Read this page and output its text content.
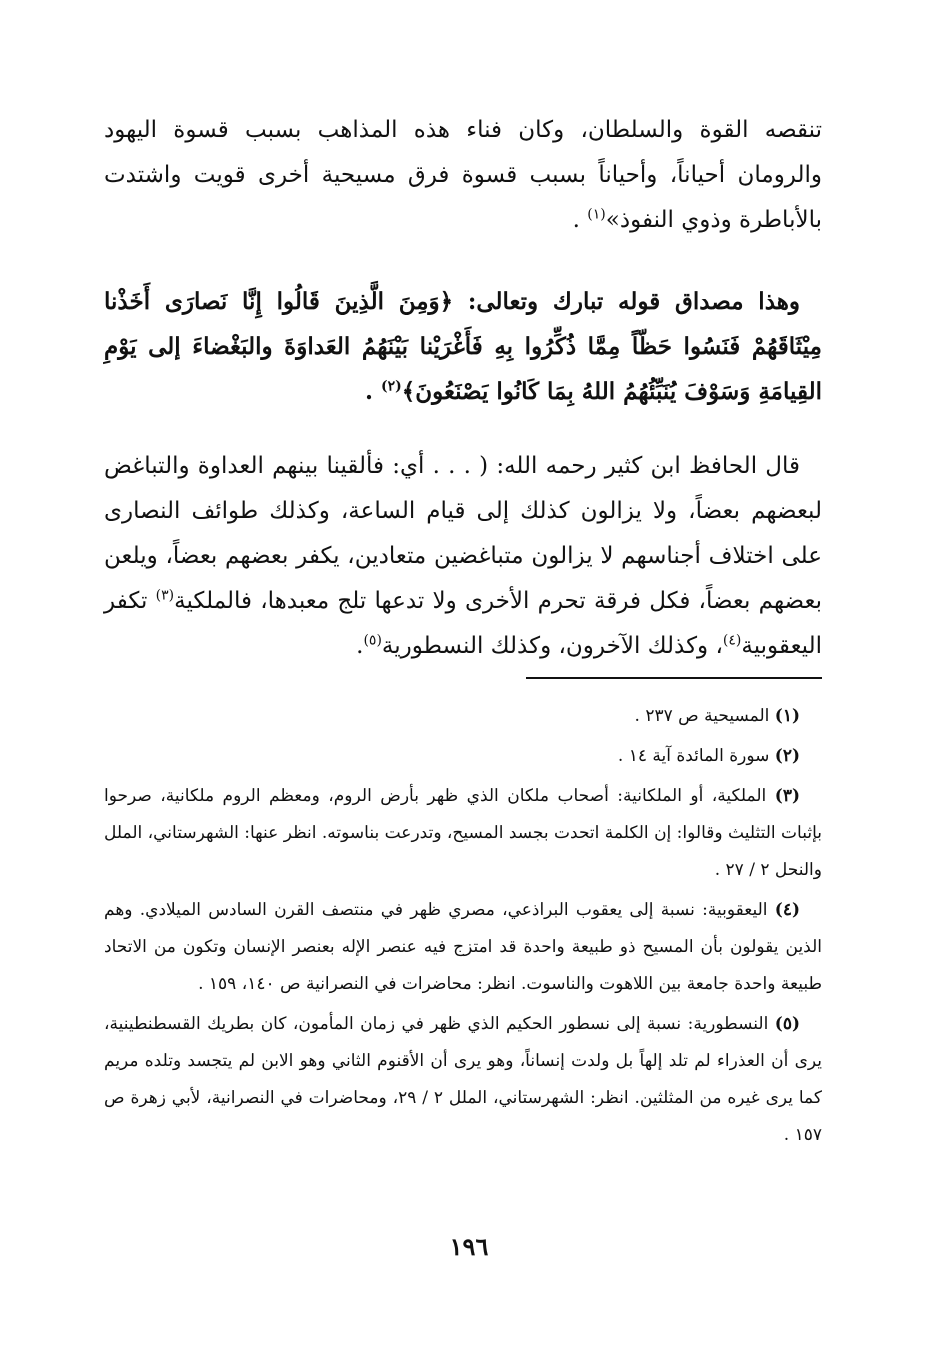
تنقصه القوة والسلطان، وكان فناء هذه المذاهب بسبب قسوة اليهود والرومان أحياناً، وأحياناً بسبب قسوة فرق مسيحية أخرى قويت واشتدت بالأباطرة وذوي النفوذ»$^{(١)}$ .

وهذا مصداق قوله تبارك وتعالى: ﴿وَمِنَ الَّذِينَ قَالُوا إِنَّا نَصارَى أَخَذْنا مِيْثَاقَهُمْ فَنَسُوا حَظّاً مِمَّا ذُكِّرُوا بِهِ فَأَغْرَيْنا بَيْنَهُمُ العَداوَةَ والبَغْضاءَ إلى يَوْمِ القِيامَةِ وَسَوْفَ يُنَبِّئُهُمُ اللهُ بِمَا كَانُوا يَصْنَعُونَ﴾$^{(٢)}$ .

قال الحافظ ابن كثير رحمه الله: ( . . . أي: فألقينا بينهم العداوة والتباغض لبعضهم بعضاً، ولا يزالون كذلك إلى قيام الساعة، وكذلك طوائف النصارى على اختلاف أجناسهم لا يزالون متباغضين متعادين، يكفر بعضهم بعضاً، ويلعن بعضهم بعضاً، فكل فرقة تحرم الأخرى ولا تدعها تلج معبدها، فالملكية$^{(٣)}$ تكفر اليعقوبية$^{(٤)}$، وكذلك الآخرون، وكذلك النسطورية$^{(٥)}$.

(١) المسيحية ص ٢٣٧ .

(٢) سورة المائدة آية ١٤ .

(٣) الملكية، أو الملكانية: أصحاب ملكان الذي ظهر بأرض الروم، ومعظم الروم ملكانية، صرحوا بإثبات التثليث وقالوا: إن الكلمة اتحدت بجسد المسيح، وتدرعت بناسوته. انظر عنها: الشهرستاني، الملل والنحل ٢ / ٢٧ .

(٤) اليعقوبية: نسبة إلى يعقوب البراذعي، مصري ظهر في منتصف القرن السادس الميلادي. وهم الذين يقولون بأن المسيح ذو طبيعة واحدة قد امتزج فيه عنصر الإله بعنصر الإنسان وتكون من الاتحاد طبيعة واحدة جامعة بين اللاهوت والناسوت. انظر: محاضرات في النصرانية ص ١٤٠، ١٥٩ .

(٥) النسطورية: نسبة إلى نسطور الحكيم الذي ظهر في زمان المأمون، كان بطريك القسطنطينية، يرى أن العذراء لم تلد إلهاً بل ولدت إنساناً، وهو يرى أن الأقنوم الثاني وهو الابن لم يتجسد وتلده مريم كما يرى غيره من المثلثين. انظر: الشهرستاني، الملل ٢ / ٢٩، ومحاضرات في النصرانية، لأبي زهرة ص ١٥٧ .

١٩٦
